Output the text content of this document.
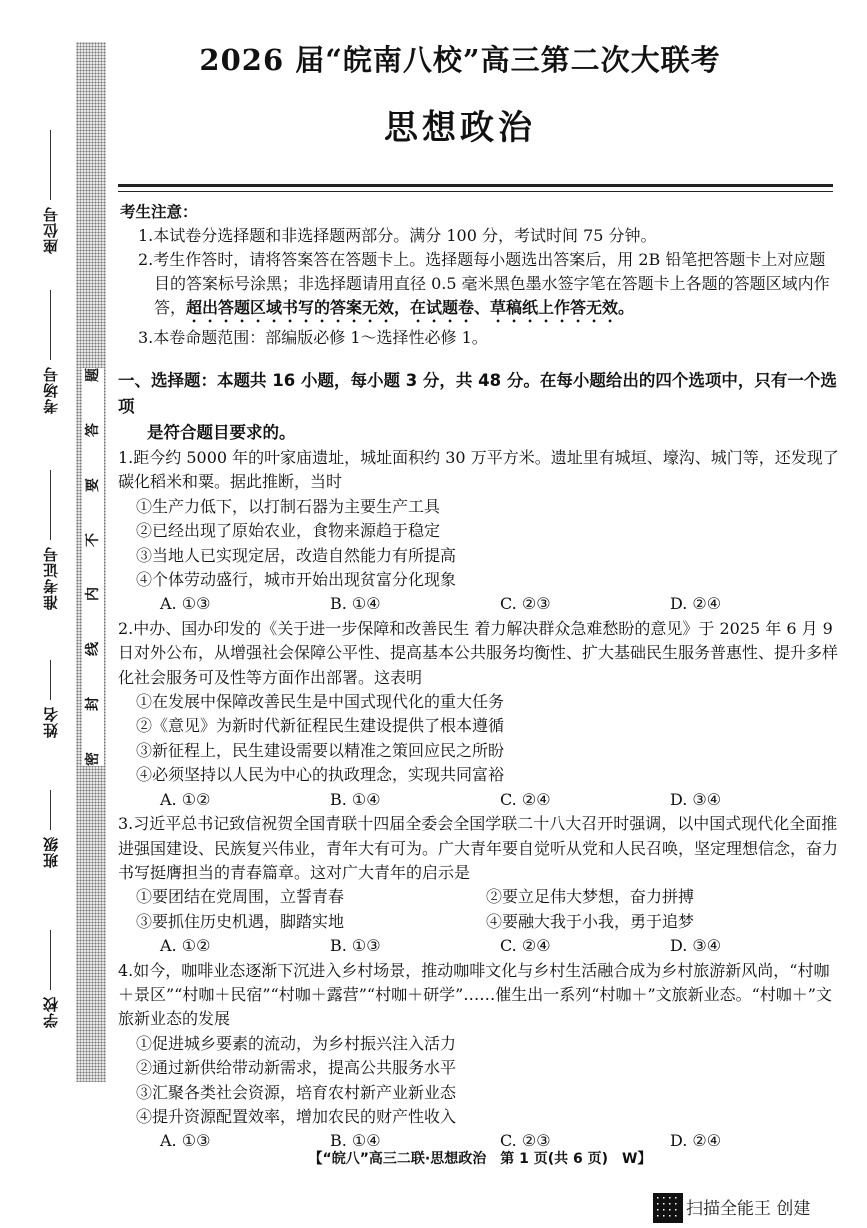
题
答
要
不
内
线
封
密
座位号
考场号
准考证号
姓名
班级
学校
2026 届“皖南八校”高三第二次大联考
思想政治
考生注意：
1.本试卷分选择题和非选择题两部分。满分 100 分，考试时间 75 分钟。
2.考生作答时，请将答案答在答题卡上。选择题每小题选出答案后，用 2B 铅笔把答题卡上对应题目的答案标号涂黑；非选择题请用直径 0.5 毫米黑色墨水签字笔在答题卡上各题的答题区域内作答，超出答题区域书写的答案无效，在试题卷、草稿纸上作答无效。
3.本卷命题范围：部编版必修 1～选择性必修 1。
一、选择题：本题共 16 小题，每小题 3 分，共 48 分。在每小题给出的四个选项中，只有一个选项
是符合题目要求的。
1.距今约 5000 年的叶家庙遗址，城址面积约 30 万平方米。遗址里有城垣、壕沟、城门等，还发现了碳化稻米和粟。据此推断，当时
①生产力低下，以打制石器为主要生产工具
②已经出现了原始农业，食物来源趋于稳定
③当地人已实现定居，改造自然能力有所提高
④个体劳动盛行，城市开始出现贫富分化现象
A. ①③	B. ①④	C. ②③	D. ②④
2.中办、国办印发的《关于进一步保障和改善民生 着力解决群众急难愁盼的意见》于 2025 年 6 月 9 日对外公布，从增强社会保障公平性、提高基本公共服务均衡性、扩大基础民生服务普惠性、提升多样化社会服务可及性等方面作出部署。这表明
①在发展中保障改善民生是中国式现代化的重大任务
②《意见》为新时代新征程民生建设提供了根本遵循
③新征程上，民生建设需要以精准之策回应民之所盼
④必须坚持以人民为中心的执政理念，实现共同富裕
A. ①②	B. ①④	C. ②④	D. ③④
3.习近平总书记致信祝贺全国青联十四届全委会全国学联二十八大召开时强调，以中国式现代化全面推进强国建设、民族复兴伟业，青年大有可为。广大青年要自觉听从党和人民召唤，坚定理想信念，奋力书写挺膺担当的青春篇章。这对广大青年的启示是
①要团结在党周围，立誓青春	②要立足伟大梦想，奋力拼搏
③要抓住历史机遇，脚踏实地	④要融大我于小我，勇于追梦
A. ①②	B. ①③	C. ②④	D. ③④
4.如今，咖啡业态逐渐下沉进入乡村场景，推动咖啡文化与乡村生活融合成为乡村旅游新风尚，“村咖＋景区”“村咖＋民宿”“村咖＋露营”“村咖＋研学”……催生出一系列“村咖＋”文旅新业态。“村咖＋”文旅新业态的发展
①促进城乡要素的流动，为乡村振兴注入活力
②通过新供给带动新需求，提高公共服务水平
③汇聚各类社会资源，培育农村新产业新业态
④提升资源配置效率，增加农民的财产性收入
A. ①③	B. ①④	C. ②③	D. ②④
【“皖八”高三二联·思想政治　第 1 页(共 6 页)　W】
扫描全能王 创建
